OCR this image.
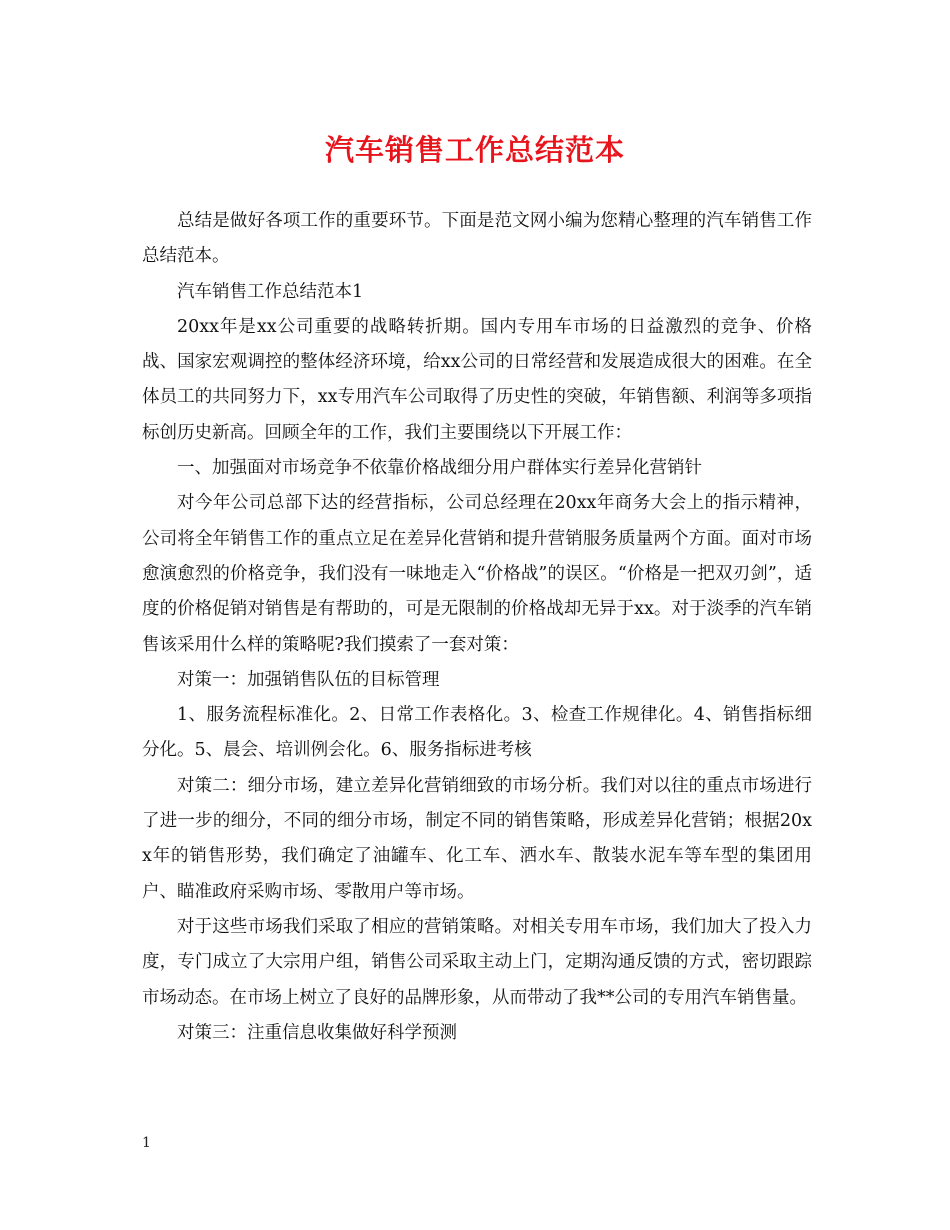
汽车销售工作总结范本

总结是做好各项工作的重要环节。下面是范文网小编为您精心整理的汽车销售工作总结范本。

汽车销售工作总结范本1

20xx年是xx公司重要的战略转折期。国内专用车市场的日益激烈的竞争、价格战、国家宏观调控的整体经济环境，给xx公司的日常经营和发展造成很大的困难。在全体员工的共同努力下，xx专用汽车公司取得了历史性的突破，年销售额、利润等多项指标创历史新高。回顾全年的工作，我们主要围绕以下开展工作：

一、加强面对市场竞争不依靠价格战细分用户群体实行差异化营销针

对今年公司总部下达的经营指标，公司总经理在20xx年商务大会上的指示精神，公司将全年销售工作的重点立足在差异化营销和提升营销服务质量两个方面。面对市场愈演愈烈的价格竞争，我们没有一味地走入“价格战”的误区。“价格是一把双刃剑”，适度的价格促销对销售是有帮助的，可是无限制的价格战却无异于xx。对于淡季的汽车销售该采用什么样的策略呢?我们摸索了一套对策：

对策一：加强销售队伍的目标管理

1、服务流程标准化。2、日常工作表格化。3、检查工作规律化。4、销售指标细分化。5、晨会、培训例会化。6、服务指标进考核

对策二：细分市场，建立差异化营销细致的市场分析。我们对以往的重点市场进行了进一步的细分，不同的细分市场，制定不同的销售策略，形成差异化营销；根据20xx年的销售形势，我们确定了油罐车、化工车、洒水车、散装水泥车等车型的集团用户、瞄准政府采购市场、零散用户等市场。

对于这些市场我们采取了相应的营销策略。对相关专用车市场，我们加大了投入力度，专门成立了大宗用户组，销售公司采取主动上门，定期沟通反馈的方式，密切跟踪市场动态。在市场上树立了良好的品牌形象，从而带动了我**公司的专用汽车销售量。

对策三：注重信息收集做好科学预测

1
